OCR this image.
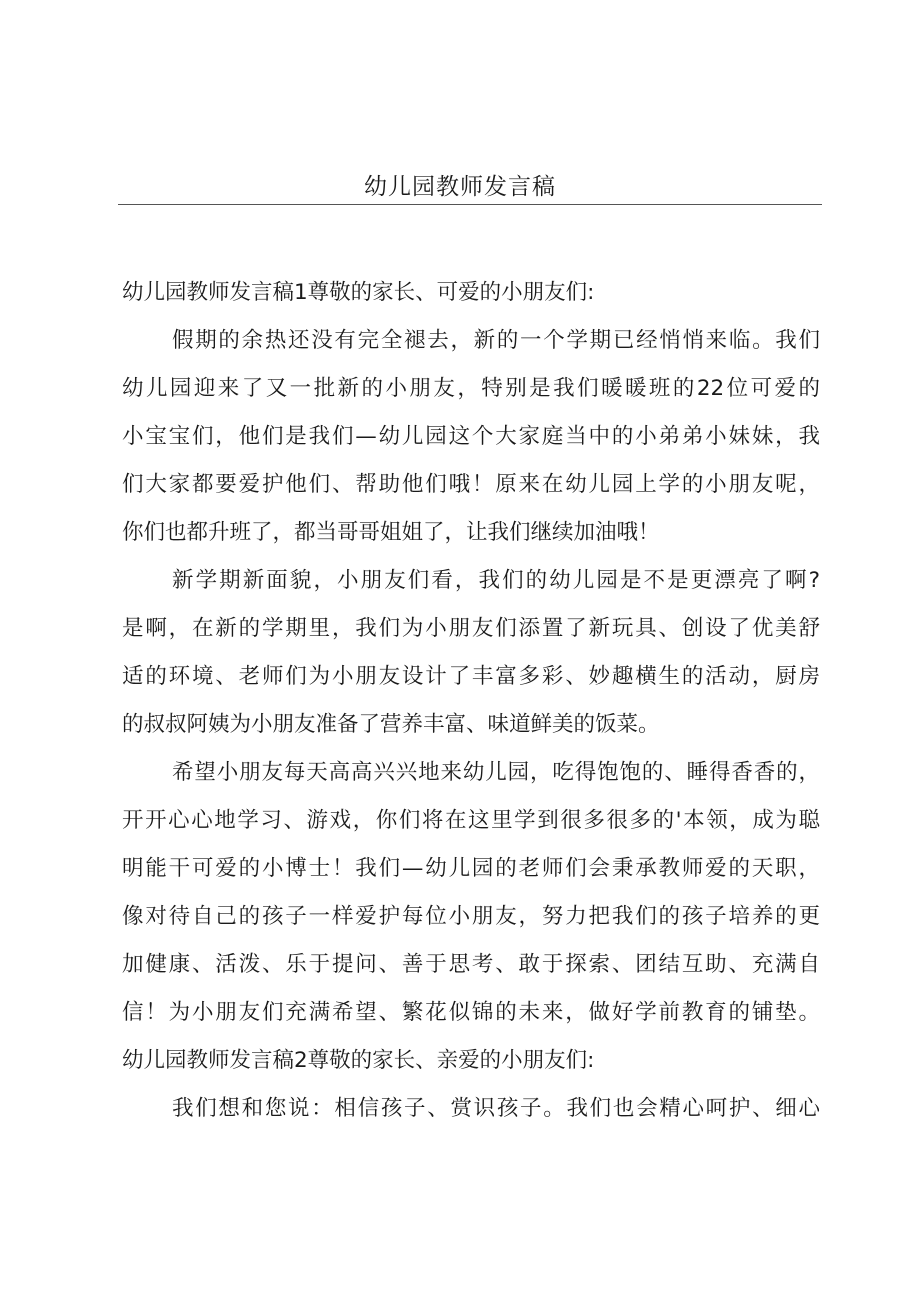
幼儿园教师发言稿
幼儿园教师发言稿1尊敬的家长、可爱的小朋友们:
假期的余热还没有完全褪去，新的一个学期已经悄悄来临。我们
幼儿园迎来了又一批新的小朋友，特别是我们暖暖班的22位可爱的
小宝宝们，他们是我们—幼儿园这个大家庭当中的小弟弟小妹妹，我
们大家都要爱护他们、帮助他们哦！原来在幼儿园上学的小朋友呢，
你们也都升班了，都当哥哥姐姐了，让我们继续加油哦！
新学期新面貌，小朋友们看，我们的幼儿园是不是更漂亮了啊?
是啊，在新的学期里，我们为小朋友们添置了新玩具、创设了优美舒
适的环境、老师们为小朋友设计了丰富多彩、妙趣横生的活动，厨房
的叔叔阿姨为小朋友准备了营养丰富、味道鲜美的饭菜。
希望小朋友每天高高兴兴地来幼儿园，吃得饱饱的、睡得香香的，
开开心心地学习、游戏，你们将在这里学到很多很多的'本领，成为聪
明能干可爱的小博士！我们—幼儿园的老师们会秉承教师爱的天职，
像对待自己的孩子一样爱护每位小朋友，努力把我们的孩子培养的更
加健康、活泼、乐于提问、善于思考、敢于探索、团结互助、充满自
信！为小朋友们充满希望、繁花似锦的未来，做好学前教育的铺垫。
幼儿园教师发言稿2尊敬的家长、亲爱的小朋友们:
我们想和您说：相信孩子、赏识孩子。我们也会精心呵护、细心
